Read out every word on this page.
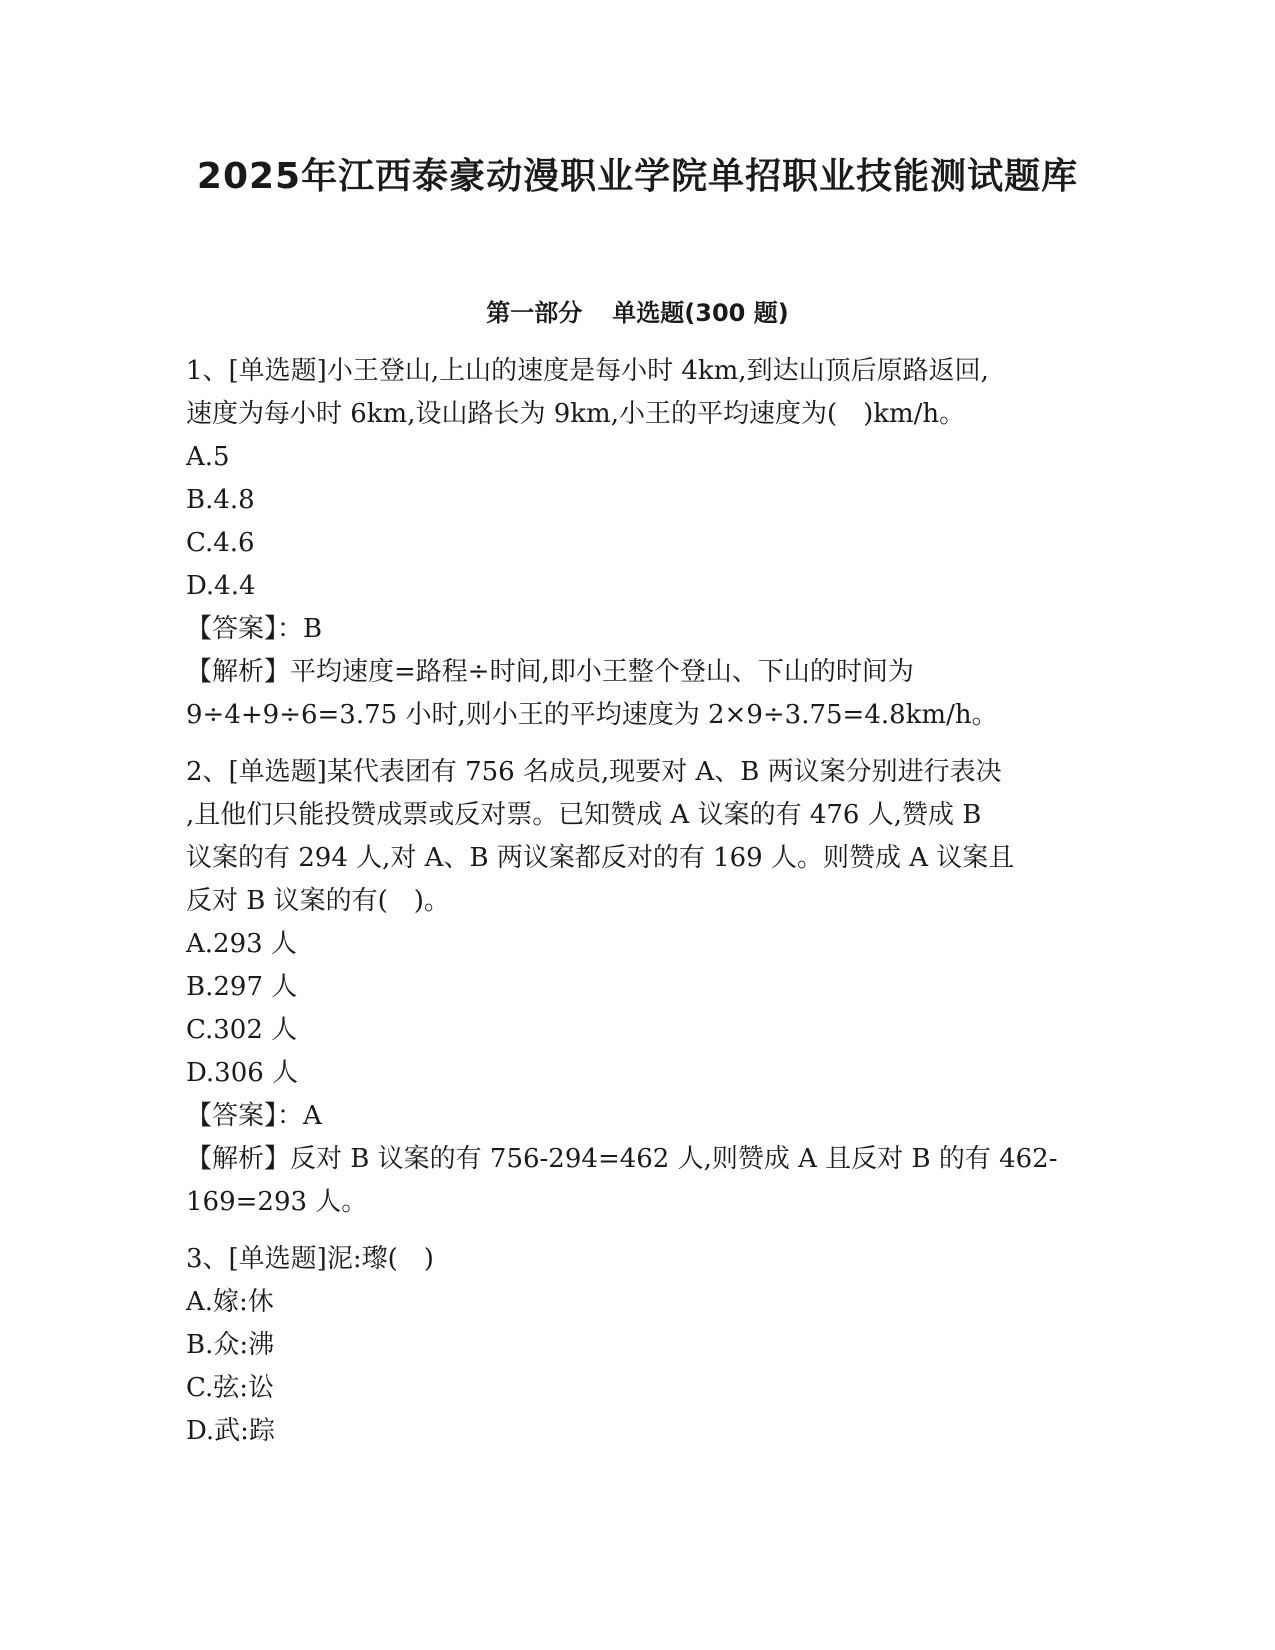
2025年江西泰豪动漫职业学院单招职业技能测试题库
第一部分 单选题(300 题)
1、[单选题]小王登山,上山的速度是每小时 4km,到达山顶后原路返回,
速度为每小时 6km,设山路长为 9km,小王的平均速度为(　)km/h。
A.5
B.4.8
C.4.6
D.4.4
【答案】：B
【解析】平均速度=路程÷时间,即小王整个登山、下山的时间为
9÷4+9÷6=3.75 小时,则小王的平均速度为 2×9÷3.75=4.8km/h。
2、[单选题]某代表团有 756 名成员,现要对 A、B 两议案分别进行表决
,且他们只能投赞成票或反对票。已知赞成 A 议案的有 476 人,赞成 B
议案的有 294 人,对 A、B 两议案都反对的有 169 人。则赞成 A 议案且
反对 B 议案的有(　)。
A.293 人
B.297 人
C.302 人
D.306 人
【答案】：A
【解析】反对 B 议案的有 756-294=462 人,则赞成 A 且反对 B 的有 462-
169=293 人。
3、[单选题]泥:瓈(　)
A.嫁:休
B.众:沸
C.弦:讼
D.武:踪
